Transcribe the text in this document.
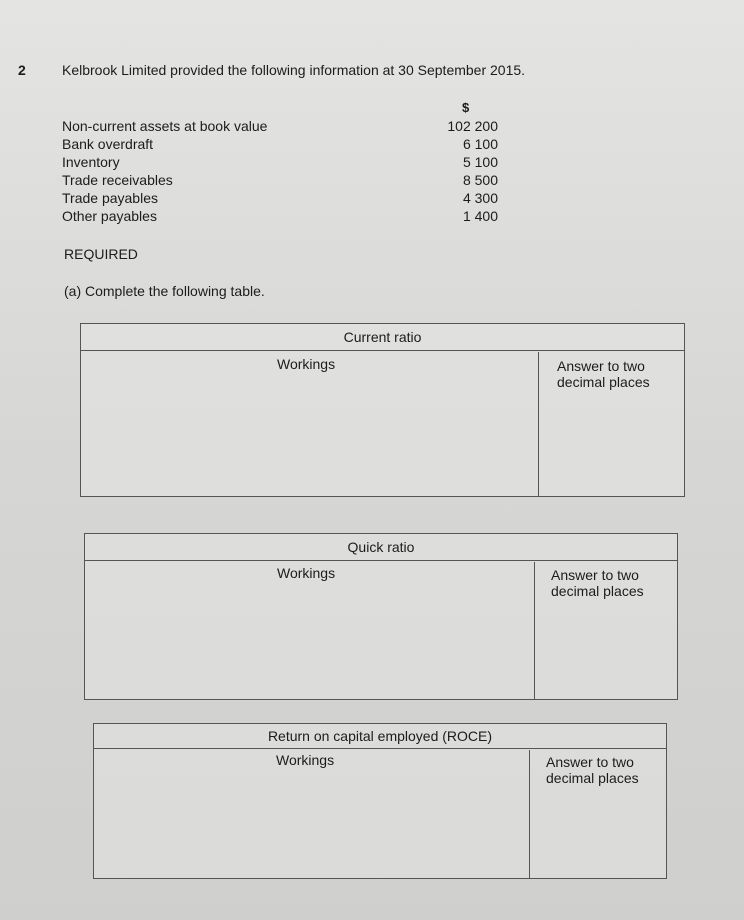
2	Kelbrook Limited provided the following information at 30 September 2015.
$
Non-current assets at book value	102 200
Bank overdraft	6 100
Inventory	5 100
Trade receivables	8 500
Trade payables	4 300
Other payables	1 400
REQUIRED
(a) Complete the following table.
Current ratio
Workings	Answer to two decimal places
Quick ratio
Workings	Answer to two decimal places
Return on capital employed (ROCE)
Workings	Answer to two decimal places
